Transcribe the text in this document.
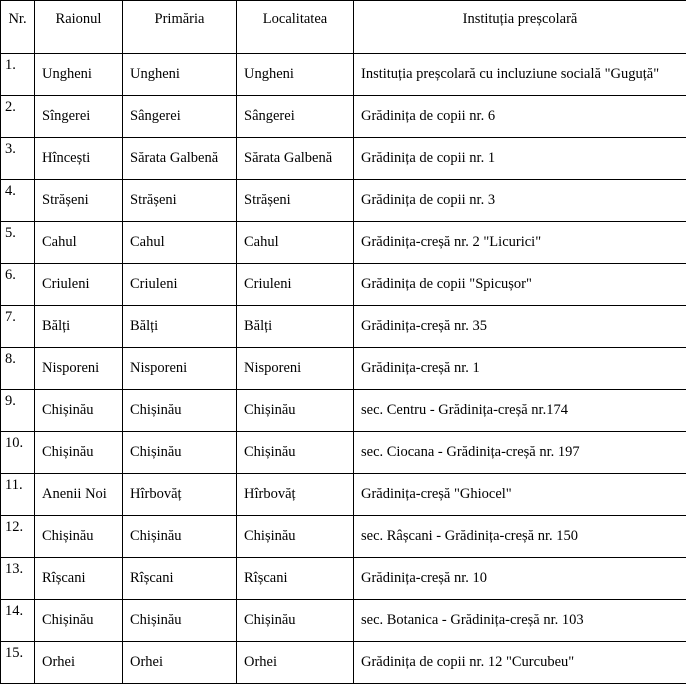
Nr.	Raionul	Primăria	Localitatea	Instituția preșcolară
1.	Ungheni	Ungheni	Ungheni	Instituția preșcolară cu incluziune socială "Guguță"
2.	Sîngerei	Sângerei	Sângerei	Grădinița de copii nr. 6
3.	Hîncești	Sărata Galbenă	Sărata Galbenă	Grădinița de copii nr. 1
4.	Strășeni	Strășeni	Strășeni	Grădinița de copii nr. 3
5.	Cahul	Cahul	Cahul	Grădinița-creșă nr. 2 "Licurici"
6.	Criuleni	Criuleni	Criuleni	Grădinița de copii "Spicușor"
7.	Bălți	Bălți	Bălți	Grădinița-creșă nr. 35
8.	Nisporeni	Nisporeni	Nisporeni	Grădinița-creșă nr. 1
9.	Chișinău	Chișinău	Chișinău	sec. Centru - Grădinița-creșă nr.174
10.	Chișinău	Chișinău	Chișinău	sec. Ciocana - Grădinița-creșă nr. 197
11.	Anenii Noi	Hîrbovăț	Hîrbovăț	Grădinița-creșă "Ghiocel"
12.	Chișinău	Chișinău	Chișinău	sec. Râșcani - Grădinița-creșă nr. 150
13.	Rîșcani	Rîșcani	Rîșcani	Grădinița-creșă nr. 10
14.	Chișinău	Chișinău	Chișinău	sec. Botanica - Grădinița-creșă nr. 103
15.	Orhei	Orhei	Orhei	Grădinița de copii nr. 12 "Curcubeu"
